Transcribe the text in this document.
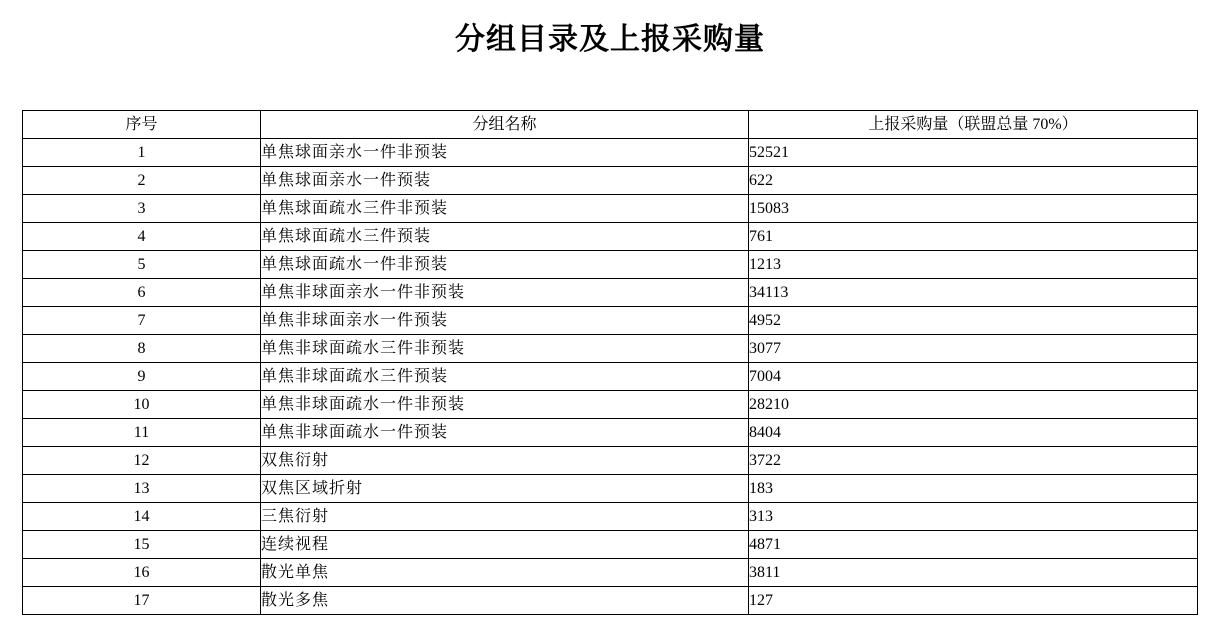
分组目录及上报采购量
序号	分组名称	上报采购量（联盟总量 70%）
1	单焦球面亲水一件非预装	52521
2	单焦球面亲水一件预装	622
3	单焦球面疏水三件非预装	15083
4	单焦球面疏水三件预装	761
5	单焦球面疏水一件非预装	1213
6	单焦非球面亲水一件非预装	34113
7	单焦非球面亲水一件预装	4952
8	单焦非球面疏水三件非预装	3077
9	单焦非球面疏水三件预装	7004
10	单焦非球面疏水一件非预装	28210
11	单焦非球面疏水一件预装	8404
12	双焦衍射	3722
13	双焦区域折射	183
14	三焦衍射	313
15	连续视程	4871
16	散光单焦	3811
17	散光多焦	127
